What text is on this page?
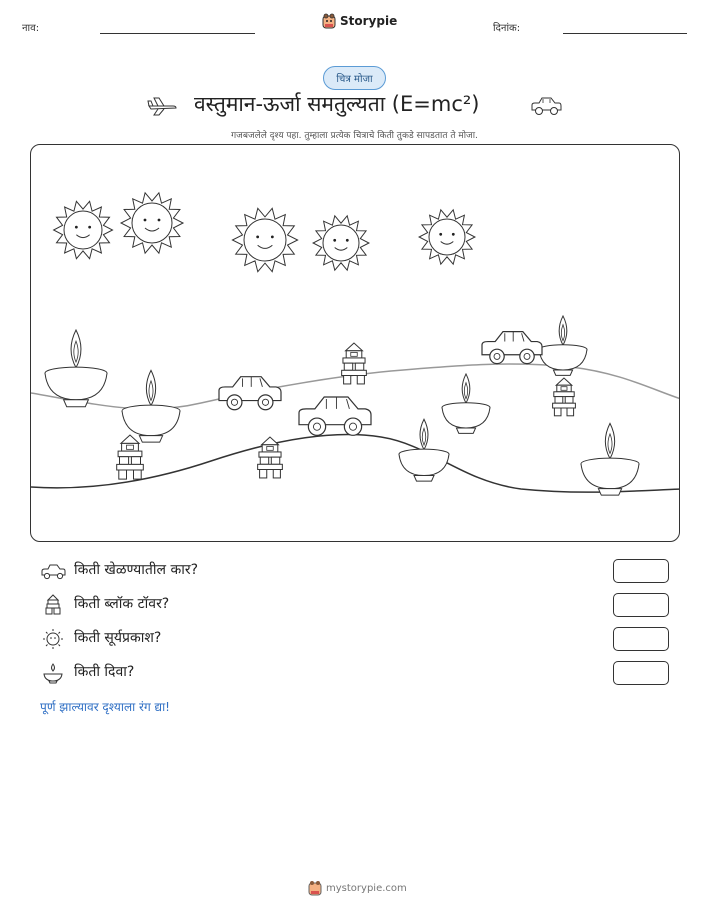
नाव:
Storypie
दिनांक:
चित्र मोजा
वस्तुमान-ऊर्जा समतुल्यता (E=mc²)
गजबजलेले दृश्य पहा. तुम्हाला प्रत्येक चित्राचे किती तुकडे सापडतात ते मोजा.
किती खेळण्यातील कार?
किती ब्लॉक टॉवर?
किती सूर्यप्रकाश?
किती दिवा?
पूर्ण झाल्यावर दृश्याला रंग द्या!
mystorypie.com
